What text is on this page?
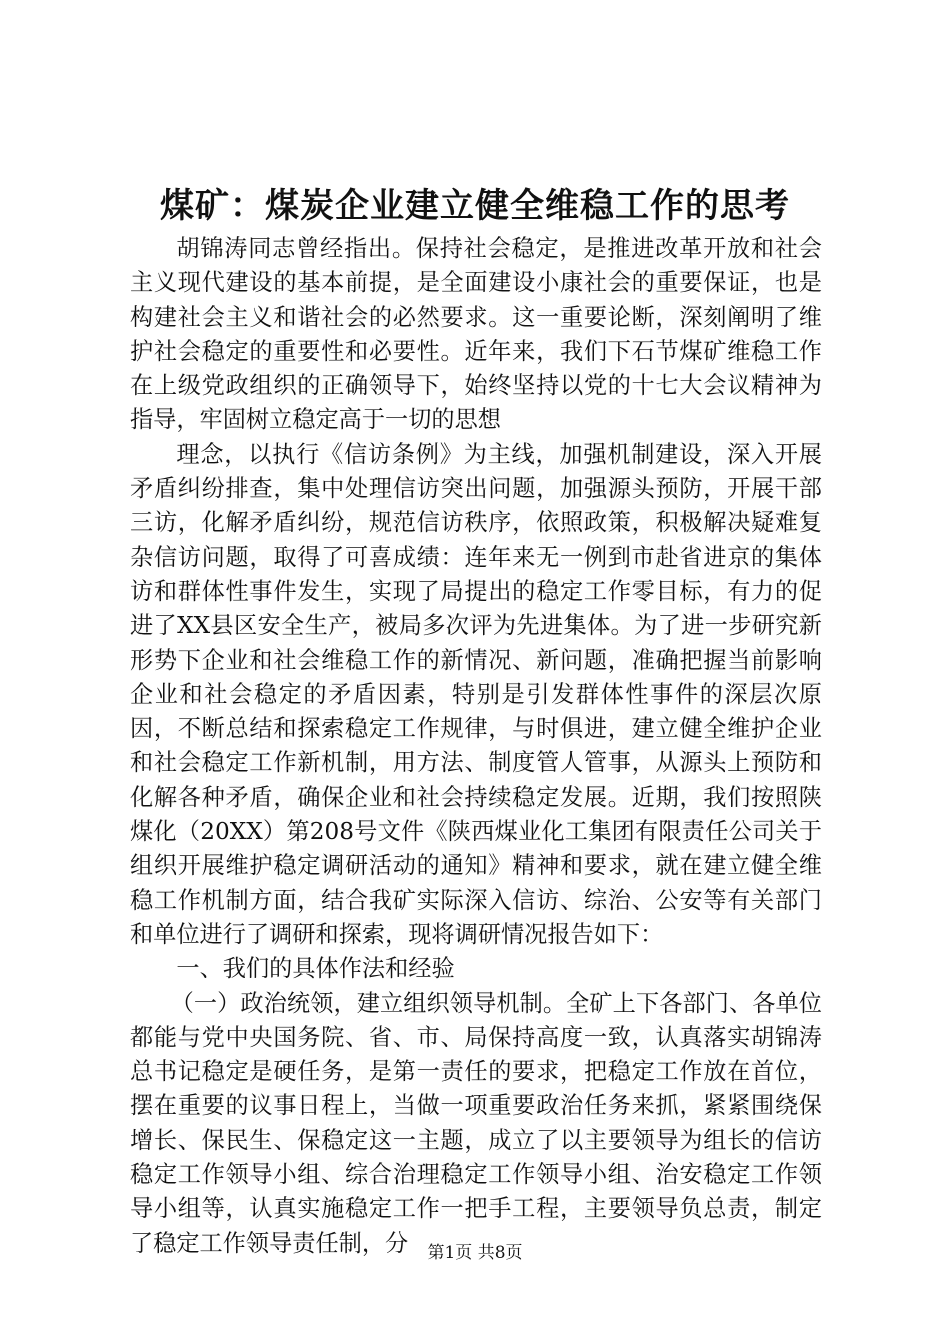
煤矿：煤炭企业建立健全维稳工作的思考

胡锦涛同志曾经指出。保持社会稳定，是推进改革开放和社会主义现代建设的基本前提，是全面建设小康社会的重要保证，也是构建社会主义和谐社会的必然要求。这一重要论断，深刻阐明了维护社会稳定的重要性和必要性。近年来，我们下石节煤矿维稳工作在上级党政组织的正确领导下，始终坚持以党的十七大会议精神为指导，牢固树立稳定高于一切的思想

理念，以执行《信访条例》为主线，加强机制建设，深入开展矛盾纠纷排查，集中处理信访突出问题，加强源头预防，开展干部三访，化解矛盾纠纷，规范信访秩序，依照政策，积极解决疑难复杂信访问题，取得了可喜成绩：连年来无一例到市赴省进京的集体访和群体性事件发生，实现了局提出的稳定工作零目标，有力的促进了XX县区安全生产，被局多次评为先进集体。为了进一步研究新形势下企业和社会维稳工作的新情况、新问题，准确把握当前影响企业和社会稳定的矛盾因素，特别是引发群体性事件的深层次原因，不断总结和探索稳定工作规律，与时俱进，建立健全维护企业和社会稳定工作新机制，用方法、制度管人管事，从源头上预防和化解各种矛盾，确保企业和社会持续稳定发展。近期，我们按照陕煤化（20XX）第208号文件《陕西煤业化工集团有限责任公司关于组织开展维护稳定调研活动的通知》精神和要求，就在建立健全维稳工作机制方面，结合我矿实际深入信访、综治、公安等有关部门和单位进行了调研和探索，现将调研情况报告如下：

一、我们的具体作法和经验

（一）政治统领，建立组织领导机制。全矿上下各部门、各单位都能与党中央国务院、省、市、局保持高度一致，认真落实胡锦涛总书记稳定是硬任务，是第一责任的要求，把稳定工作放在首位，摆在重要的议事日程上，当做一项重要政治任务来抓，紧紧围绕保增长、保民生、保稳定这一主题，成立了以主要领导为组长的信访稳定工作领导小组、综合治理稳定工作领导小组、治安稳定工作领导小组等，认真实施稳定工作一把手工程，主要领导负总责，制定了稳定工作领导责任制，分	第1页 共8页
